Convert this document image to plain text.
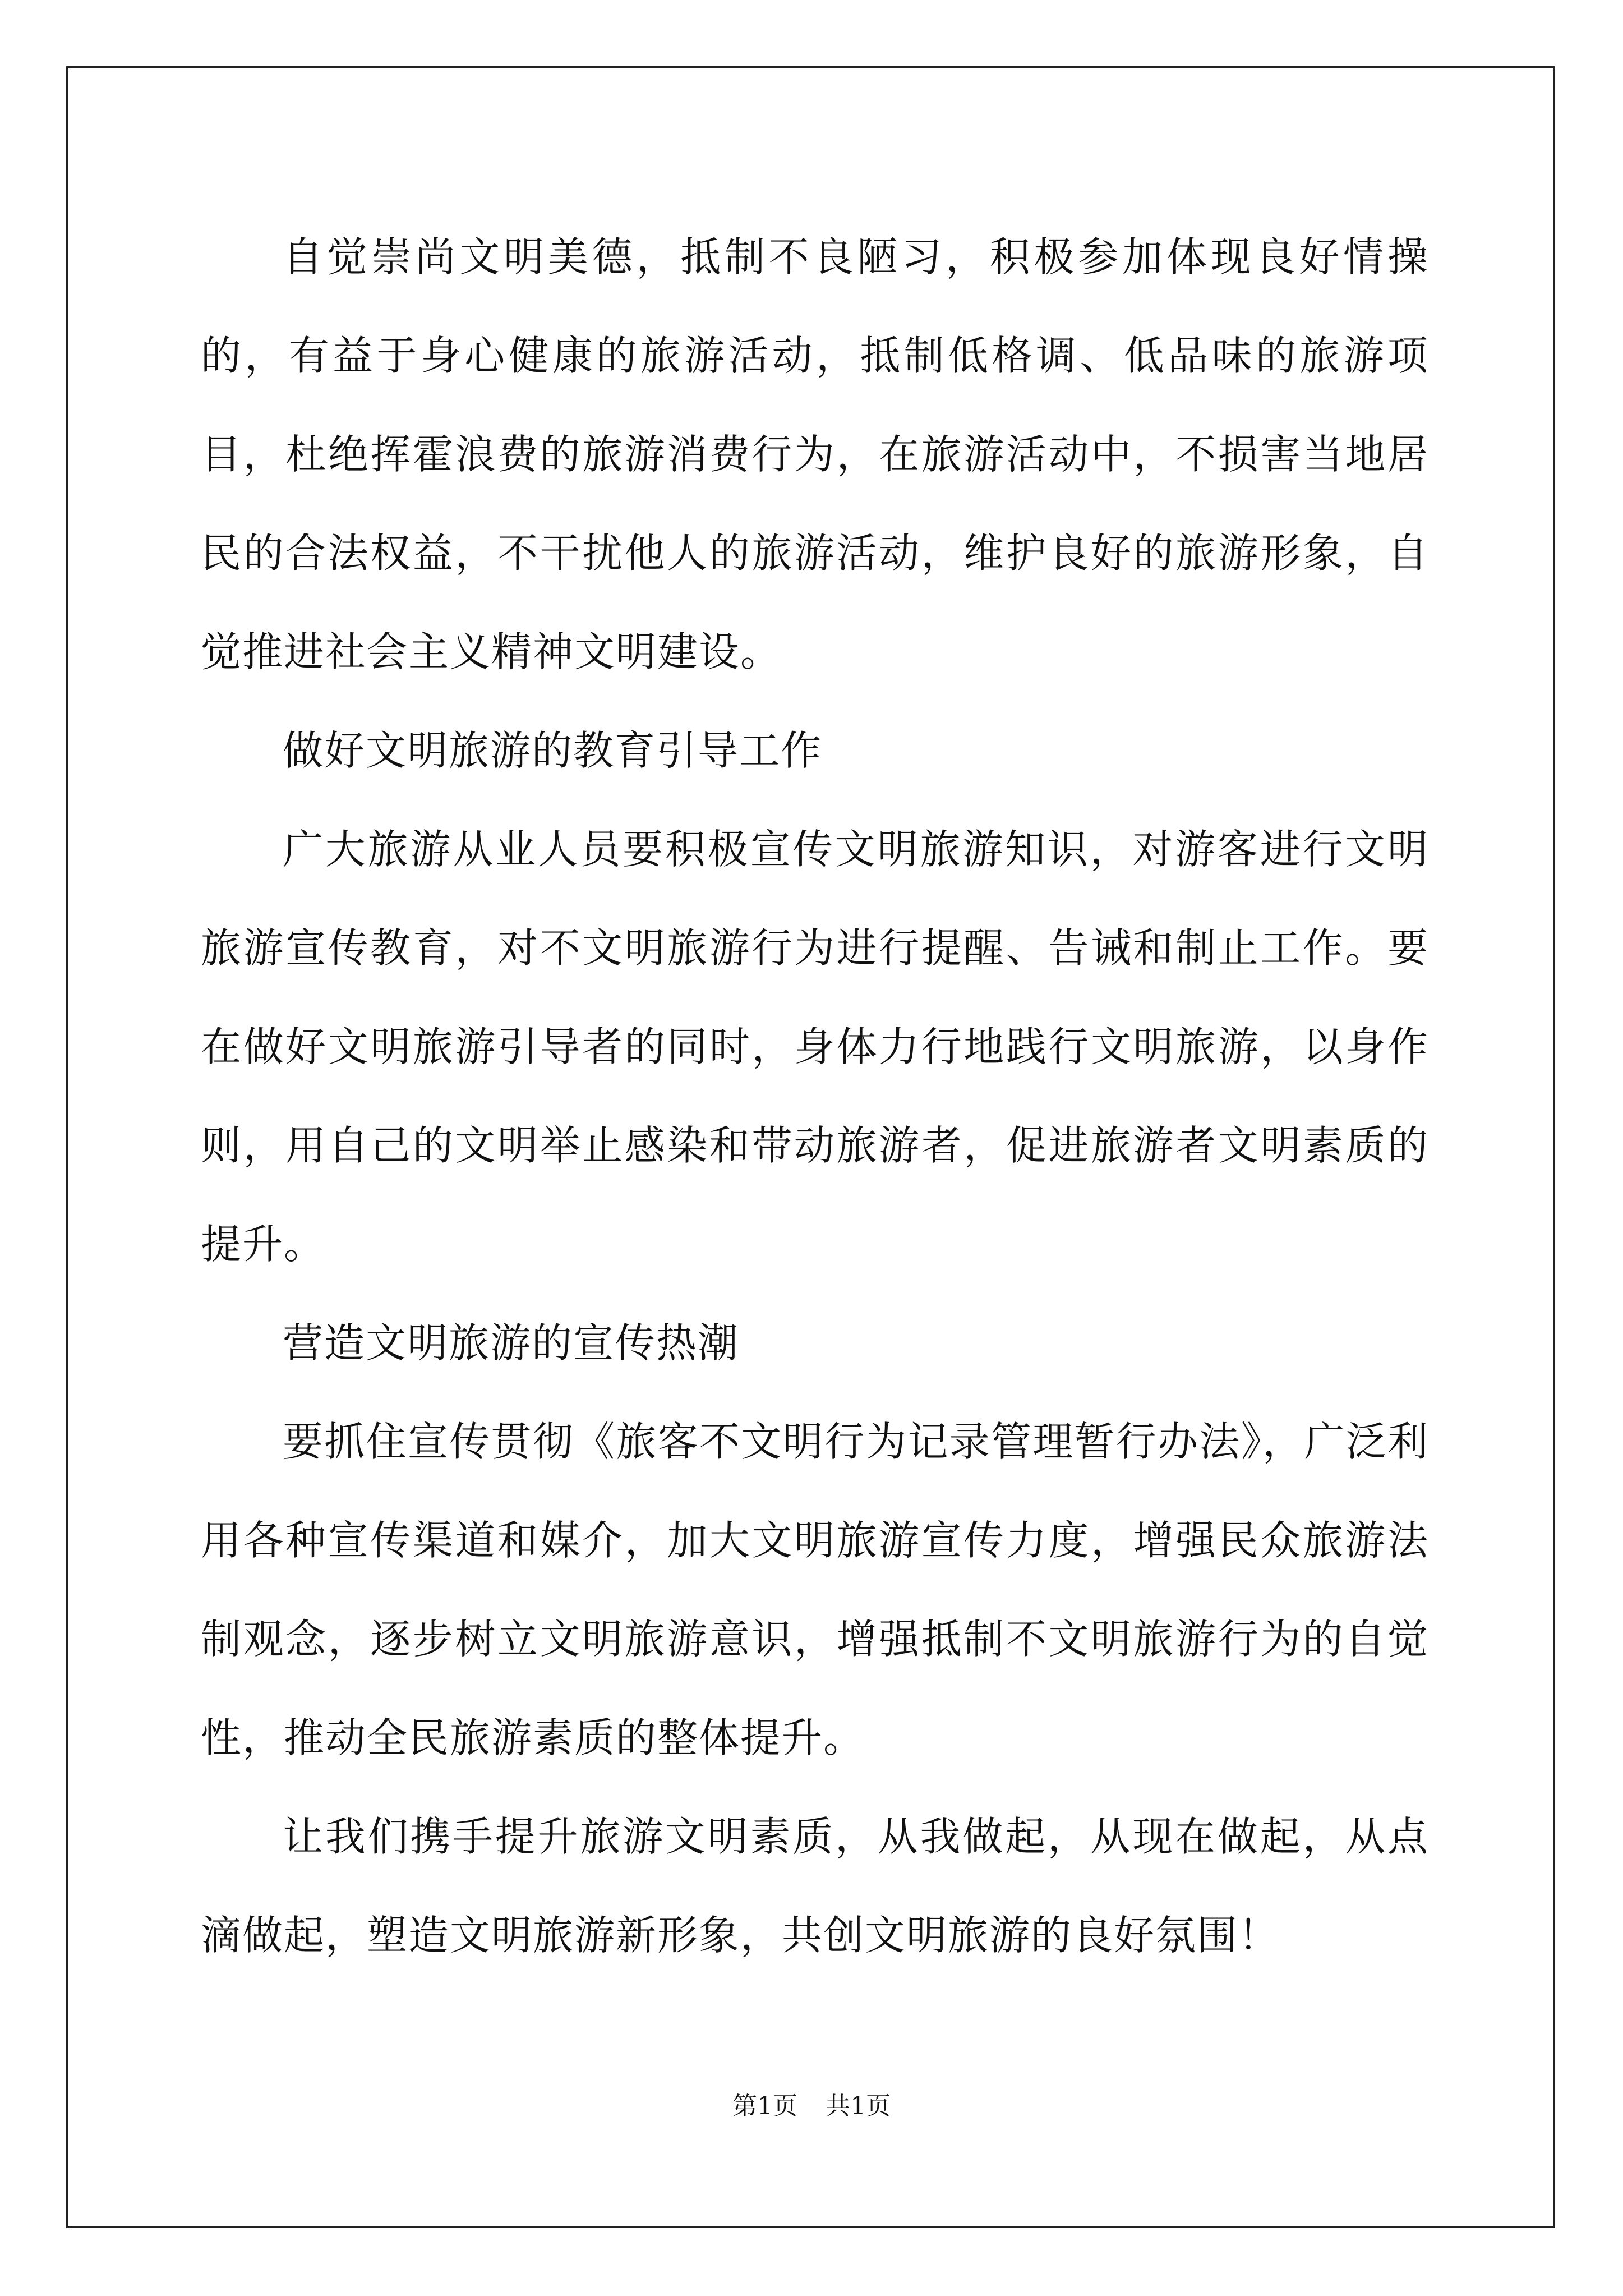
自觉崇尚文明美德，抵制不良陋习，积极参加体现良好情操的，有益于身心健康的旅游活动，抵制低格调、低品味的旅游项目，杜绝挥霍浪费的旅游消费行为，在旅游活动中，不损害当地居民的合法权益，不干扰他人的旅游活动，维护良好的旅游形象，自觉推进社会主义精神文明建设。

做好文明旅游的教育引导工作

广大旅游从业人员要积极宣传文明旅游知识，对游客进行文明旅游宣传教育，对不文明旅游行为进行提醒、告诫和制止工作。要在做好文明旅游引导者的同时，身体力行地践行文明旅游，以身作则，用自己的文明举止感染和带动旅游者，促进旅游者文明素质的提升。

营造文明旅游的宣传热潮

要抓住宣传贯彻《旅客不文明行为记录管理暂行办法》，广泛利用各种宣传渠道和媒介，加大文明旅游宣传力度，增强民众旅游法制观念，逐步树立文明旅游意识，增强抵制不文明旅游行为的自觉性，推动全民旅游素质的整体提升。

让我们携手提升旅游文明素质，从我做起，从现在做起，从点滴做起，塑造文明旅游新形象，共创文明旅游的良好氛围！

第1页 共1页
